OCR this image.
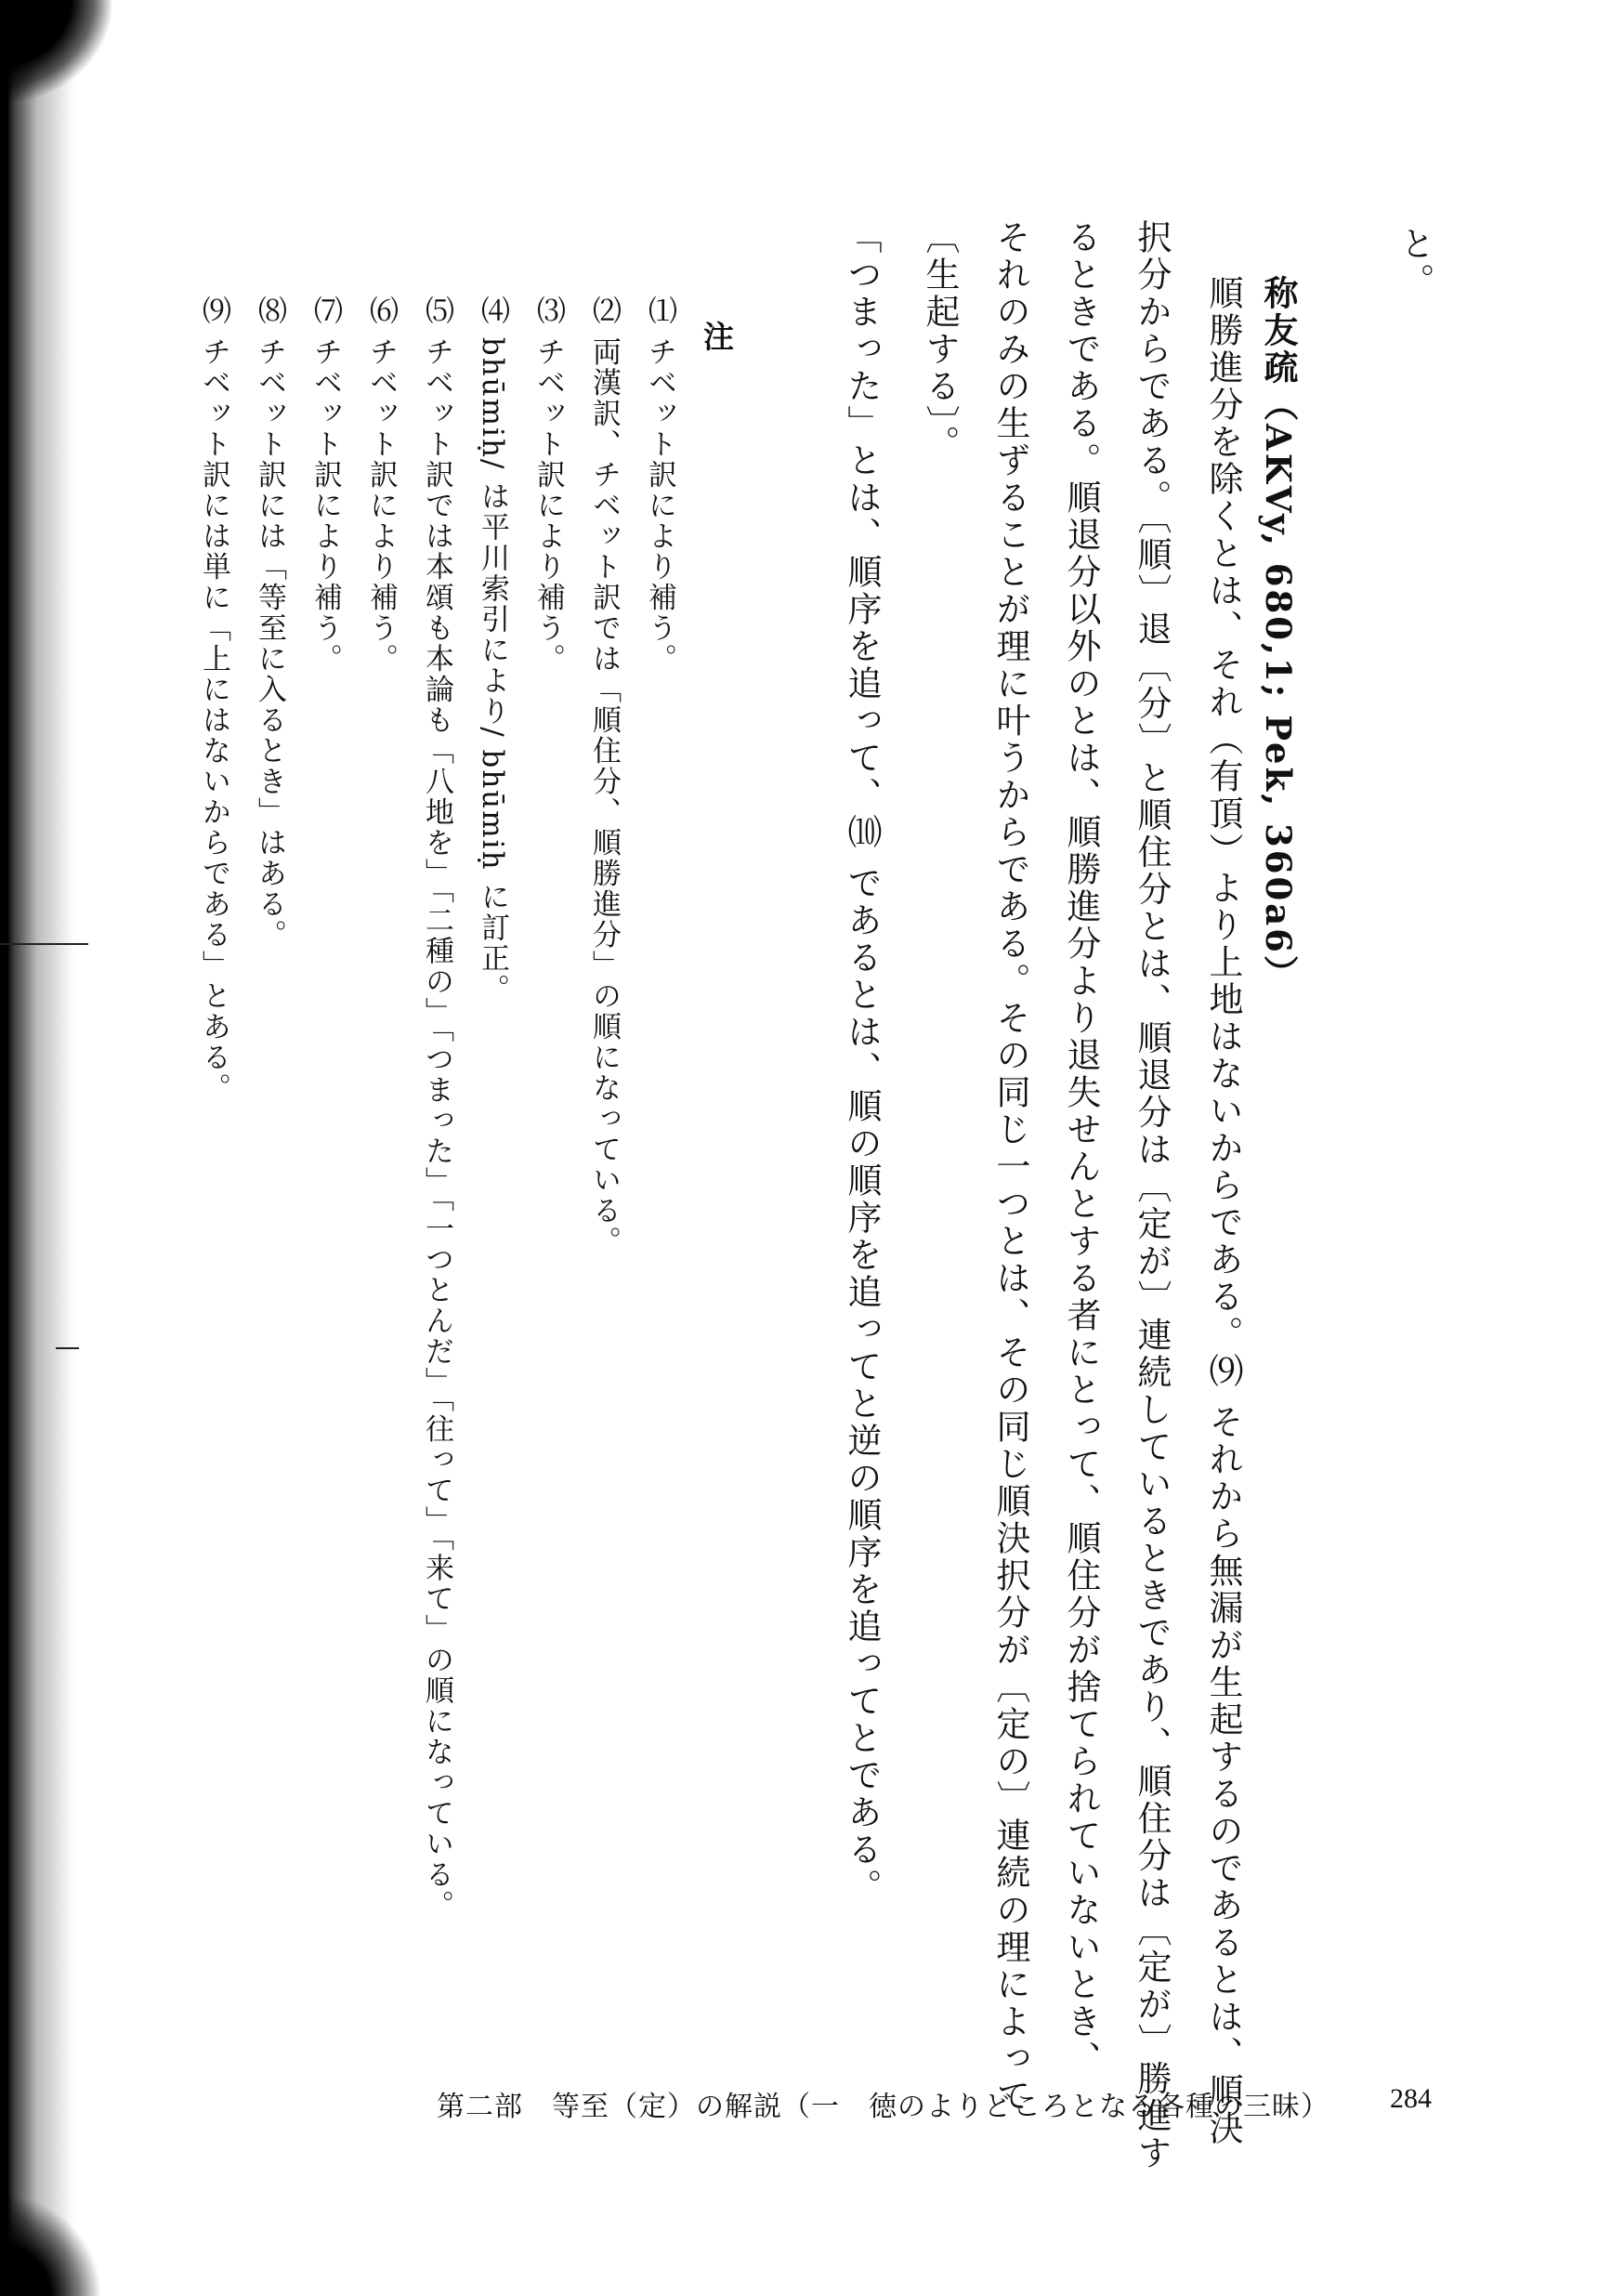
と。
称友疏（AKVy, 680,1; Pek, 360a6）
順勝進分を除くとは、それ（有頂）より上地はないからである。⑼ それから無漏が生起するのであるとは、順決
択分からである。〔順〕退〔分〕と順住分とは、順退分は〔定が〕連続しているときであり、順住分は〔定が〕勝進す
るときである。順退分以外のとは、順勝進分より退失せんとする者にとって、順住分が捨てられていないとき、
それのみの生ずることが理に叶うからである。その同じ一つとは、その同じ順決択分が〔定の〕連続の理によって
〔生起する〕。
「つまった」とは、順序を追って、⑽ であるとは、順の順序を追ってと逆の順序を追ってとである。
注
⑴ チベット訳により補う。
⑵ 両漢訳、チベット訳では「順住分、順勝進分」の順になっている。
⑶ チベット訳により補う。
⑷ bhūmiḥ/ は平川索引により/ bhūmiḥ に訂正。
⑸ チベット訳では本頌も本論も「八地を」「二種の」「つまった」「一つとんだ」「往って」「来て」の順になっている。
⑹ チベット訳により補う。
⑺ チベット訳により補う。
⑻ チベット訳には「等至に入るとき」はある。
⑼ チベット訳には単に「上にはないからである」とある。
第二部　等至（定）の解説（一　徳のよりどころとなる各種の三昧） 284
